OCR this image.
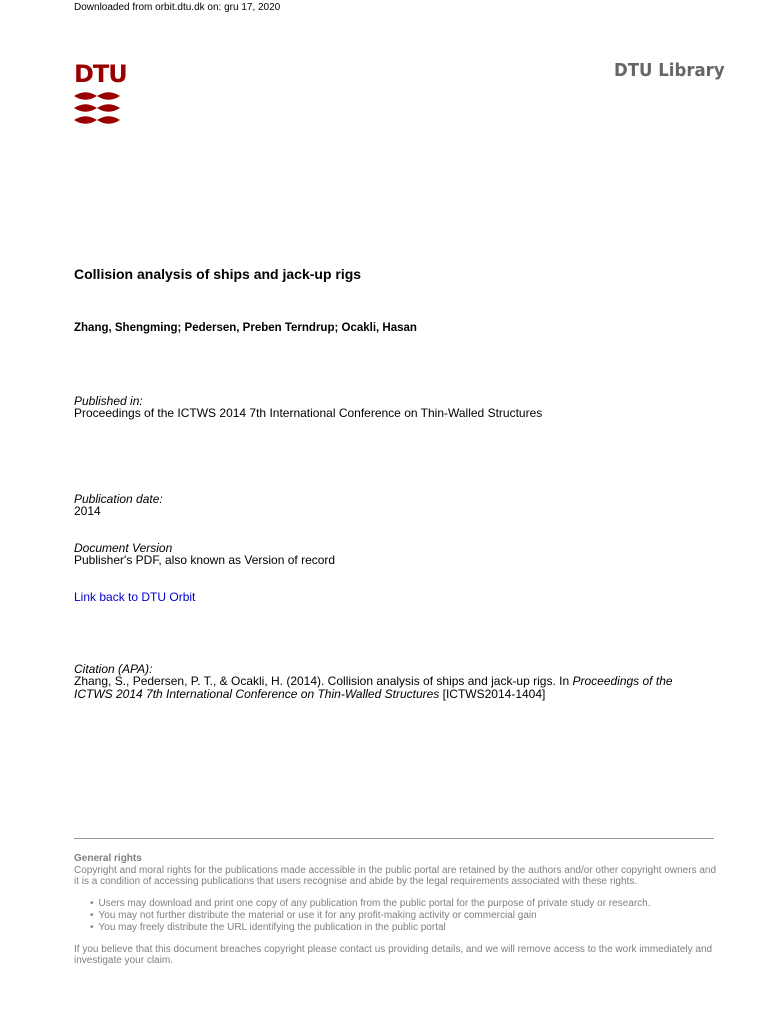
Downloaded from orbit.dtu.dk on: gru 17, 2020
DTU	DTU Library
Collision analysis of ships and jack-up rigs
Zhang, Shengming; Pedersen, Preben Terndrup; Ocakli, Hasan
Published in:
Proceedings of the ICTWS 2014 7th International Conference on Thin-Walled Structures
Publication date:
2014
Document Version
Publisher's PDF, also known as Version of record
Link back to DTU Orbit
Citation (APA):
Zhang, S., Pedersen, P. T., & Ocakli, H. (2014). Collision analysis of ships and jack-up rigs. In Proceedings of the ICTWS 2014 7th International Conference on Thin-Walled Structures [ICTWS2014-1404]
General rights
Copyright and moral rights for the publications made accessible in the public portal are retained by the authors and/or other copyright owners and it is a condition of accessing publications that users recognise and abide by the legal requirements associated with these rights.
• Users may download and print one copy of any publication from the public portal for the purpose of private study or research.
• You may not further distribute the material or use it for any profit-making activity or commercial gain
• You may freely distribute the URL identifying the publication in the public portal
If you believe that this document breaches copyright please contact us providing details, and we will remove access to the work immediately and investigate your claim.
